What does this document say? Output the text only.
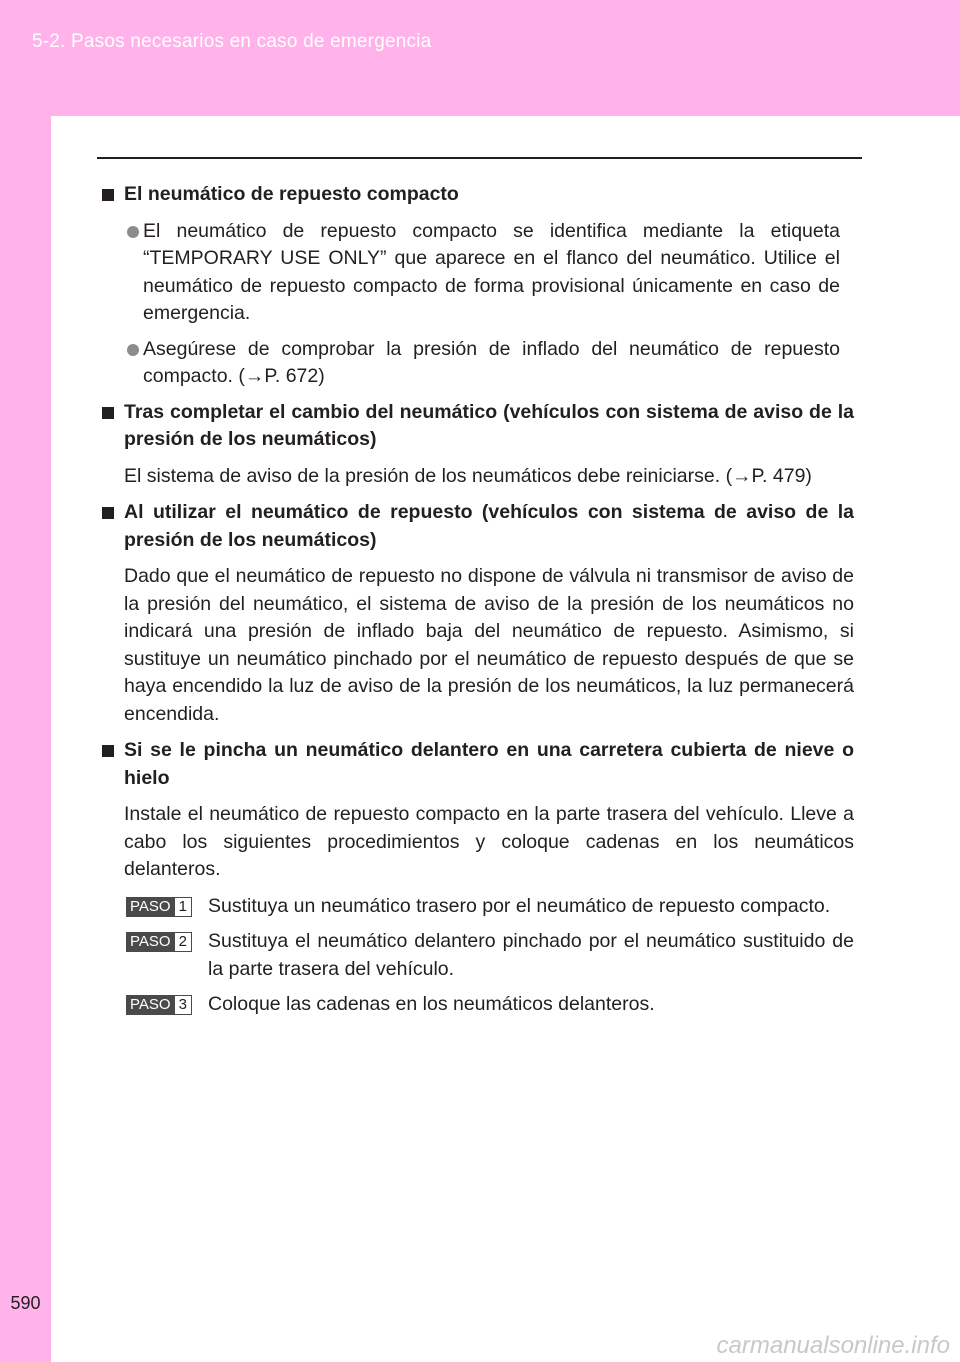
5-2. Pasos necesarios en caso de emergencia
590
El neumático de repuesto compacto
El neumático de repuesto compacto se identifica mediante la etiqueta “TEMPORARY USE ONLY” que aparece en el flanco del neumático. Utilice el neumático de repuesto compacto de forma provisional únicamente en caso de emergencia.
Asegúrese de comprobar la presión de inflado del neumático de repuesto compacto. (→P. 672)
Tras completar el cambio del neumático (vehículos con sistema de aviso de la presión de los neumáticos)
El sistema de aviso de la presión de los neumáticos debe reiniciarse. (→P. 479)
Al utilizar el neumático de repuesto (vehículos con sistema de aviso de la presión de los neumáticos)
Dado que el neumático de repuesto no dispone de válvula ni transmisor de aviso de la presión del neumático, el sistema de aviso de la presión de los neumáticos no indicará una presión de inflado baja del neumático de repuesto. Asimismo, si sustituye un neumático pinchado por el neumático de repuesto después de que se haya encendido la luz de aviso de la presión de los neumáticos, la luz permanecerá encendida.
Si se le pincha un neumático delantero en una carretera cubierta de nieve o hielo
Instale el neumático de repuesto compacto en la parte trasera del vehículo. Lleve a cabo los siguientes procedimientos y coloque cadenas en los neumáticos delanteros.
PASO 1 Sustituya un neumático trasero por el neumático de repuesto compacto.
PASO 2 Sustituya el neumático delantero pinchado por el neumático sustituido de la parte trasera del vehículo.
PASO 3 Coloque las cadenas en los neumáticos delanteros.
carmanualsonline.info
